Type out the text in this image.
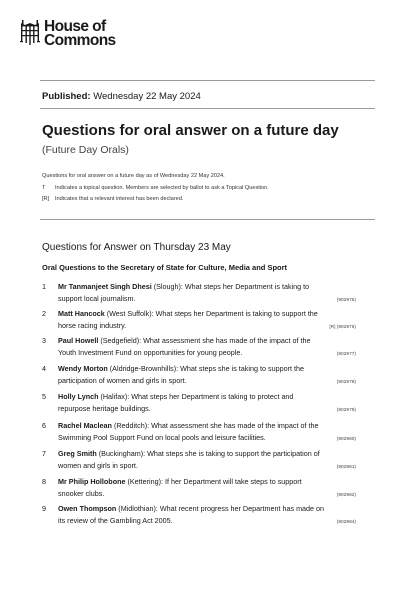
House of
Commons
Published: Wednesday 22 May 2024
Questions for oral answer on a future day
(Future Day Orals)
Questions for oral answer on a future day as of Wednesday 22 May 2024.
T Indicates a topical question. Members are selected by ballot to ask a Topical Question.
[R] Indicates that a relevant interest has been declared.
Questions for Answer on Thursday 23 May
Oral Questions to the Secretary of State for Culture, Media and Sport
1 Mr Tanmanjeet Singh Dhesi (Slough): What steps her Department is taking to
support local journalism.	(902975)
2 Matt Hancock (West Suffolk): What steps her Department is taking to support the
horse racing industry.	[R] (902976)
3 Paul Howell (Sedgefield): What assessment she has made of the impact of the
Youth Investment Fund on opportunities for young people.	(902977)
4 Wendy Morton (Aldridge-Brownhills): What steps she is taking to support the
participation of women and girls in sport.	(902978)
5 Holly Lynch (Halifax): What steps her Department is taking to protect and
repurpose heritage buildings.	(902979)
6 Rachel Maclean (Redditch): What assessment she has made of the impact of the
Swimming Pool Support Fund on local pools and leisure facilities.	(902980)
7 Greg Smith (Buckingham): What steps she is taking to support the participation of
women and girls in sport.	(902981)
8 Mr Philip Hollobone (Kettering): If her Department will take steps to support
snooker clubs.	(902982)
9 Owen Thompson (Midlothian): What recent progress her Department has made on
its review of the Gambling Act 2005.	(902984)
